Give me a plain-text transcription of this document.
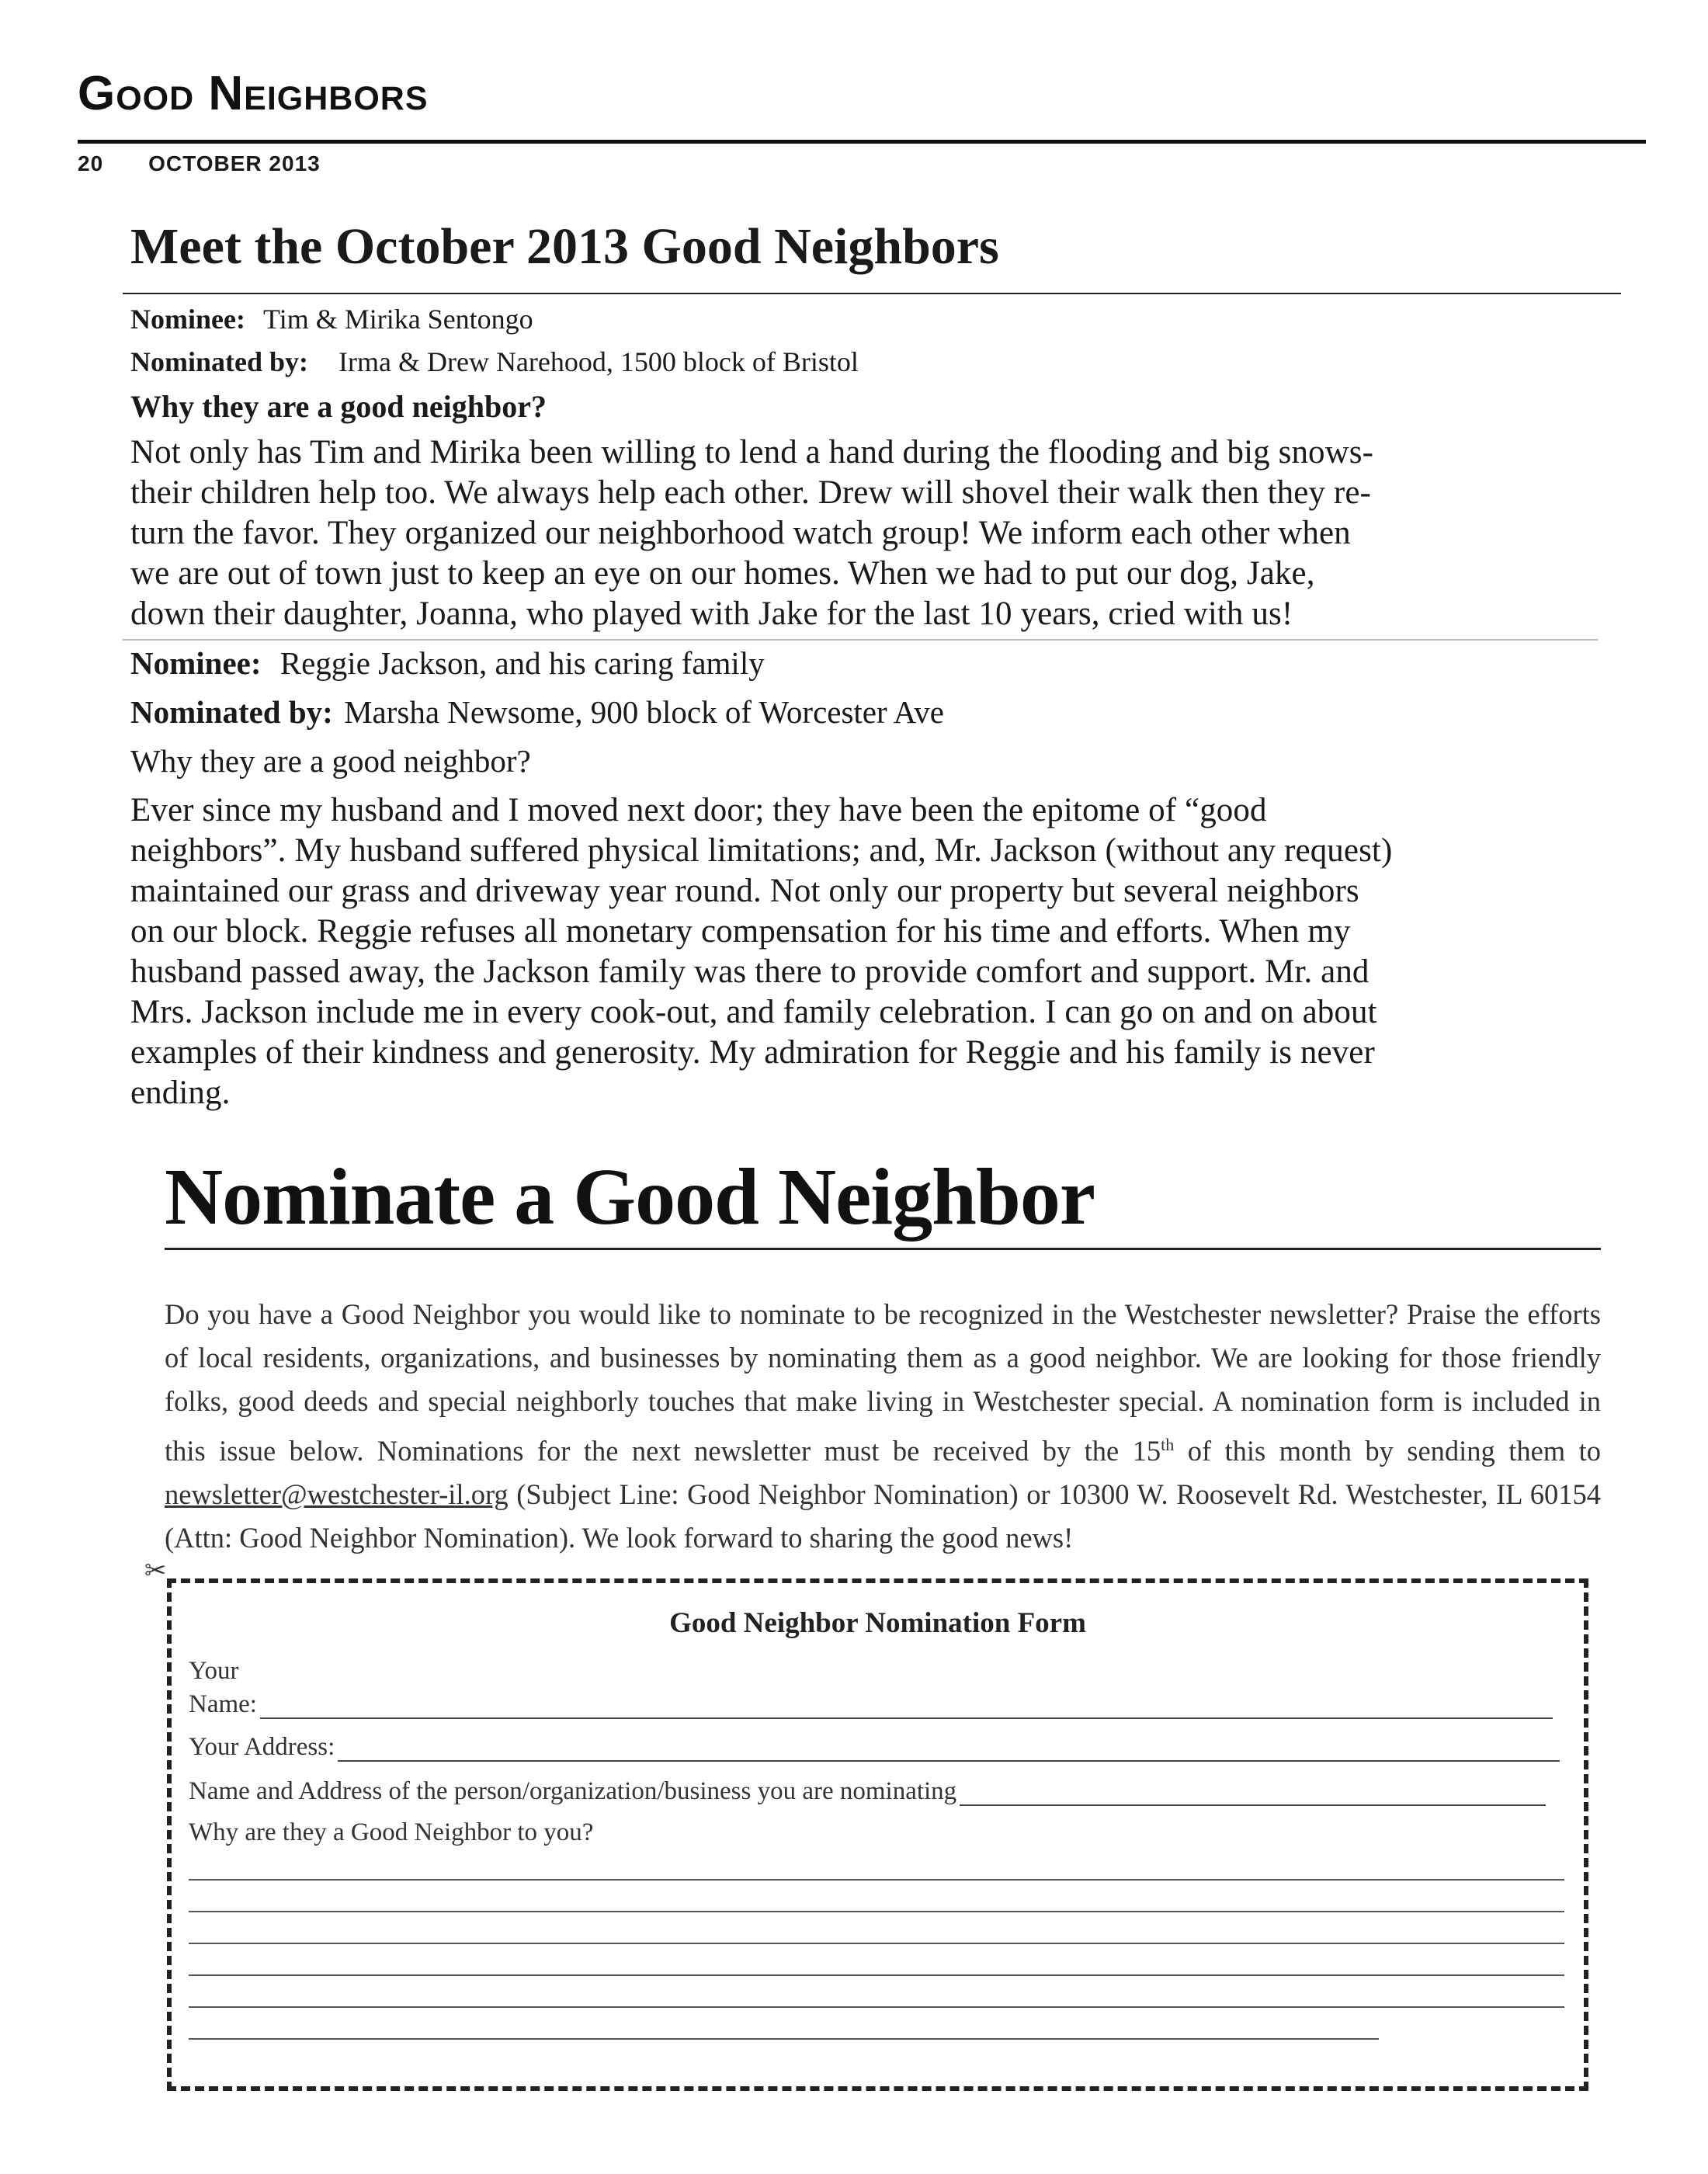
Good Neighbors
20 OCTOBER 2013
Meet the October 2013 Good Neighbors
Nominee: Tim & Mirika Sentongo
Nominated by: Irma & Drew Narehood, 1500 block of Bristol
Why they are a good neighbor?

Not only has Tim and Mirika been willing to lend a hand during the flooding and big snows-

their children help too. We always help each other. Drew will shovel their walk then they re-

turn the favor. They organized our neighborhood watch group! We inform each other when

we are out of town just to keep an eye on our homes. When we had to put our dog, Jake,

down their daughter, Joanna, who played with Jake for the last 10 years, cried with us!

Nominee: Reggie Jackson, and his caring family
Nominated by: Marsha Newsome, 900 block of Worcester Ave
Why they are a good neighbor?

Ever since my husband and I moved next door; they have been the epitome of “good

neighbors”. My husband suffered physical limitations; and, Mr. Jackson (without any request)

maintained our grass and driveway year round. Not only our property but several neighbors

on our block. Reggie refuses all monetary compensation for his time and efforts. When my

husband passed away, the Jackson family was there to provide comfort and support. Mr. and

Mrs. Jackson include me in every cook-out, and family celebration. I can go on and on about

examples of their kindness and generosity. My admiration for Reggie and his family is never

ending.

Nominate a Good Neighbor

Do you have a Good Neighbor you would like to nominate to be recognized in the Westchester newsletter? Praise the efforts of local residents, organizations, and businesses by nominating them as a good neighbor. We are looking for those friendly folks, good deeds and special neighborly touches that make living in Westchester special. A nomination form is included in this issue below. Nominations for the next newsletter must be received by the 15th of this month by sending them to newsletter@westchester-il.org (Subject Line: Good Neighbor Nomination) or 10300 W. Roosevelt Rd. Westchester, IL 60154 (Attn: Good Neighbor Nomination). We look forward to sharing the good news!

✂
Good Neighbor Nomination Form
Your
Name:
Your Address:
Name and Address of the person/organization/business you are nominating
Why are they a Good Neighbor to you?
